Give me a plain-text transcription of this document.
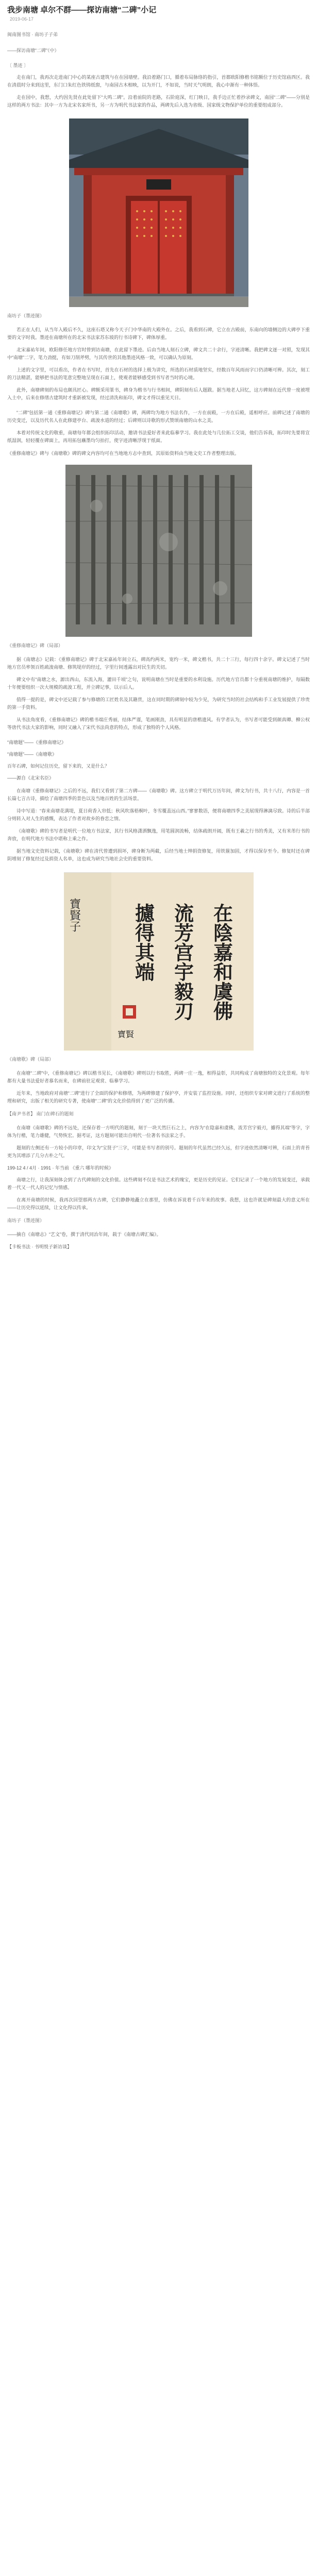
我步南塘 卓尔不群——探访南塘“二碑”小记
2019-06-17
闽南图书馆 · 南坊子子弟
——探访南塘“二碑”（中）
〔 墨迹 〕

走在南门，我再次走进南门中心的某座古建筑与在在园墙壁。我沿着路门口，循着布局脉络的指引，首都欧阳修楷书铭额位于历史馆庙西区。我在清晨时分来到这里，东门口朱红色铁铸纸窗，与南园古木相映，以为开门，不如说，当时天气明朗，我心中渐有一种体悟。

走在园中，我想，大约因先贤在此处留下“大鸣二碑”。沿着前院的老路，石阶庭深，红门映日，我手边正忙着抄录碑文，南园“二碑”——分别是这样的两方书法：其中一方为北宋名家所书，另一方为明代书法家的作品，两碑先后入选为省级、国家级文物保护单位的重要组成部分。

南坊子（墨迹图）

若正在人们，从当年入殿后不久，这座石塔又称今天子门中华南的大殿外在。之后，我看到石碑，它立在古殿前，东南向的墙侧边的大碑亭下重要的文字时我。墨迹在南塘所在的北宋书法家苏东坡的行书诗碑下，碑体厚重。

北宋嘉祐年间，欧阳修任地方官时曾到访南塘，在此留下墨迹。后由当地人刻石立碑，碑文共二十余行，字迹清晰。我把碑文逐一对照，发现其中“南塘”二字，笔力劲挺，有如刀削斧劈，与其传世的其他墨迹风格一致，可以确认为原刻。

上述的文字里，可以看出，作者在书写时，首先在石材的选择上极为讲究，所选的石材质地坚实，经数百年风雨而字口仍清晰可辨。其次，刻工的刀法精湛，能够把书法的笔意完整地呈现在石面上，使观者能够感受到书写者当时的心境。

此外，南塘碑刻的布局也颇具匠心。碑额采用篆书，碑身为楷书与行书相间，碑阴刻有后人题跋。据当地老人回忆，这方碑刻在近代曾一度被埋入土中，后来在修缮古建筑时才重新被发现，经过清洗和拓印，碑文才得以重见天日。

“二碑”包括第一通《重修南塘记》碑与第二通《南塘歌》碑，两碑均为地方书法名作，一方在前殿，一方在后殿，遥相呼应。前碑记述了南塘的历史变迁，以及历代名人在此修建亭台、疏浚水道的经过；后碑则以诗歌的形式赞颂南塘的山水之美。

本着对传统文化的敬重，南塘每年都会组织拓印活动，邀请书法爱好者来此临摹学习。我在此处与几位拓工交谈，他们告诉我，拓印时先要将宣纸湿润，轻轻覆在碑面上，再用拓包蘸墨均匀拍打，使字迹清晰浮现于纸面。

《重修南塘记》碑与《南塘歌》碑的碑文内容均可在当地地方志中查到，其原始资料由当地文史工作者整理出版。

《重修南塘记》碑（局部）

据《南塘志》记载：《重修南塘记》碑于北宋嘉祐年间立石，碑高约两米，宽约一米，碑文楷书，共二十三行，每行四十余字。碑文记述了当时地方官员率领百姓疏浚南塘、修筑堤岸的经过，字里行间透露出对民生的关切。

碑文中有“南塘之水，源出西山，东流入海，灌田千顷”之句，说明南塘在当时是重要的水利设施。历代地方官员都十分重视南塘的维护，每隔数十年便要组织一次大规模的疏浚工程，并立碑记事，以示后人。

值得一提的是，碑文中还记载了参与修塘的工匠姓名及其籍贯，这在同时期的碑刻中较为少见，为研究当时的社会结构和手工业发展提供了珍贵的第一手资料。

从书法角度看，《重修南塘记》碑的楷书端庄秀丽，结体严谨，笔画刚劲，具有明显的唐楷遗风。有学者认为，书写者可能受到颜真卿、柳公权等唐代书法大家的影响，同时又融入了宋代书法尚意的特点，形成了独特的个人风格。

“南塘题”——《重修南塘记》
“南塘题”——《南塘歌》
百年石碑，如何记住历史，留下来的，又是什么？
——源自《北宋名臣》

在南塘《重修南塘记》之后的不远，我们又看到了第二方碑——《南塘歌》碑。这方碑立于明代万历年间，碑文为行书，共十八行，内容是一首长篇七言古诗，描绘了南塘四季的景色以及当地百姓的生活场景。

诗中写道：“春来南塘花满堤，夏日荷香入帘低；秋风吹落梧桐叶，冬雪覆盖远山西。”寥寥数语，便将南塘四季之美展现得淋漓尽致。诗的后半部分则转入对人生的感慨，表达了作者对故乡的眷恋之情。

《南塘歌》碑的书写者是明代一位地方书法家，其行书风格潇洒飘逸，用笔圆润流畅，结体疏朗开阔，既有王羲之行书的秀美，又有米芾行书的奔放，在明代地方书法中堪称上乘之作。

据当地文史资料记载，《南塘歌》碑在清代曾遭到损坏，碑身断为两截，后经当地士绅捐资修复，用铁箍加固，才得以保存至今。修复时还在碑阴增刻了修复经过及捐资人名单，这也成为研究当地社会史的重要资料。

寶賢子	在陰嘉和虞佛
流芳宫宇毅刃
攄得其端
寶賢
《南塘歌》碑（局部）

在南塘“二碑”中，《重修南塘记》碑以楷书见长，《南塘歌》碑则以行书取胜，两碑一庄一逸，相得益彰，共同构成了南塘独特的文化景观。每年都有大量书法爱好者慕名而来，在碑前驻足观赏、临摹学习。

近年来，当地政府对南塘“二碑”进行了全面的保护和修缮，为两碑修建了保护亭，并安装了监控设施。同时，还组织专家对碑文进行了系统的整理和研究，出版了相关的研究专著，使南塘“二碑”的文化价值得到了更广泛的传播。

【南尹书者】 南门在碑石的题刻

在南塘《南塘歌》碑的不远处，还保存着一方明代的题刻，刻于一块天然巨石之上，内容为“在陰嘉和虞佛，流芳宫宇毅刃，攄得其端”等字，字体为行楷，笔力雄健，气势恢宏。据考证，这方题刻可能出自明代一位著名书法家之手。

题刻的左侧还有一方较小的印章，印文为“宝贤子”三字，可能是书写者的别号。题刻的年代虽然已经久远，但字迹依然清晰可辨，石面上的青苔更为其增添了几分古朴之气。

199-12 4 / 4月 · 1991 · 年当前 《重六 哪年的时候》

南塘之行，让我深刻体会到了古代碑刻的文化价值。这些碑刻不仅是书法艺术的瑰宝，更是历史的见证。它们记录了一个地方的发展变迁，承载着一代又一代人的记忆与情感。

在离开南塘的时候，我再次回望那两方古碑，它们静静地矗立在那里，仿佛在诉说着千百年来的故事。我想，这也许就是碑刻最大的意义所在——让历史得以延续，让文化得以传承。

南坊子（墨迹图）

——摘自《南塘志》“艺文”卷，撰于清代同治年间，载于《南塘古碑汇编》。

【卡板书法 · 书明悦子新访谈】
